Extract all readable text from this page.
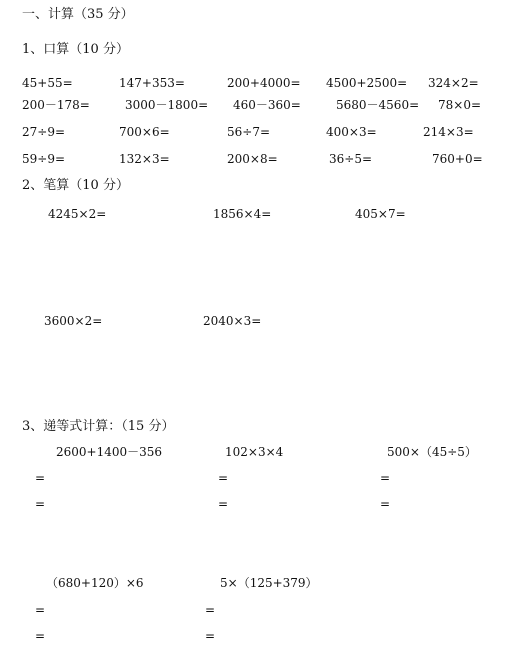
一、计算（35 分）
1、口算（10 分）
45+55=	147+353=	200+4000= 4500+2500= 324×2=
200－178=	3000－1800= 460－360=	5680－4560= 78×0=
27÷9=	700×6=	56÷7=	400×3=	214×3=
59÷9=	132×3=	200×8=	36÷5=	760+0=
2、笔算（10 分）
4245×2=	1856×4=	405×7=
3600×2=	2040×3=
3、递等式计算：（15 分）
2600+1400－356	102×3×4	500×（45÷5）
=	=	=
=	=	=
（680+120）×6	5×（125+379）
=	=
=	=
